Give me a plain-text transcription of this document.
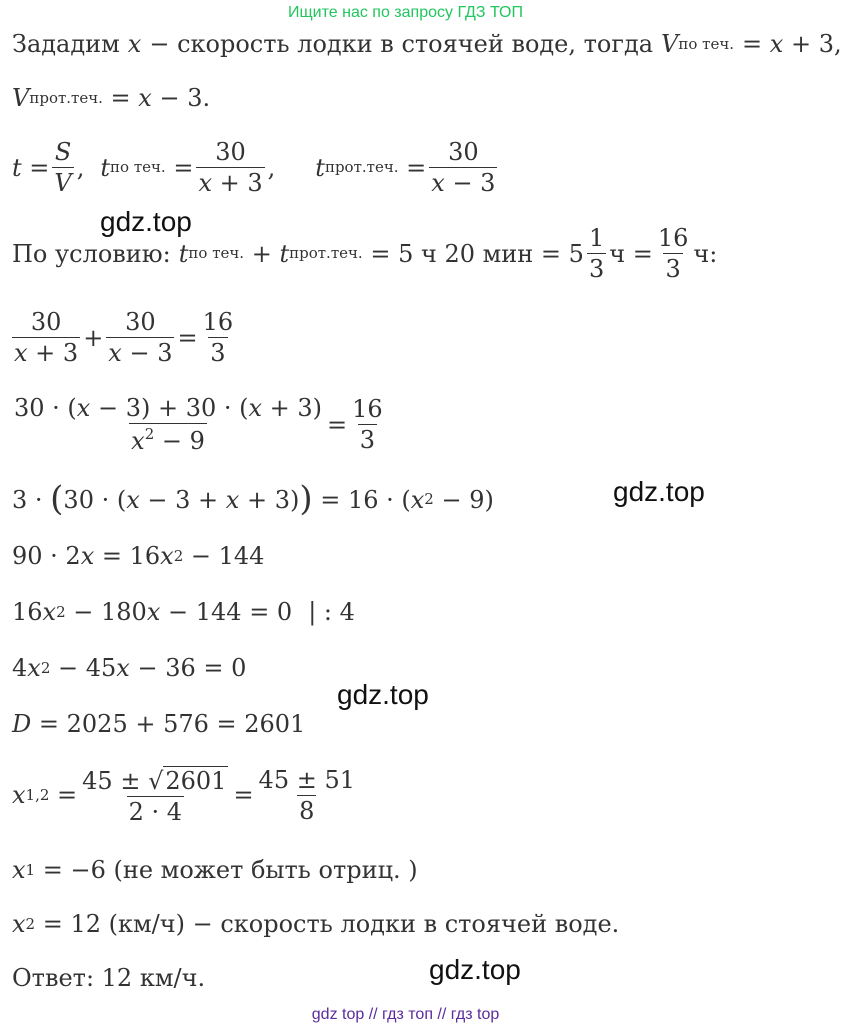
Ищите нас по запросу ГДЗ ТОП
Зададим x − скорость лодки в стоячей воде, тогда V по теч. = x + 3,
V прот.теч. = x − 3.
$t = \frac{S}{V}$ , t по теч. = $\frac{30}{x + 3}$ , t прот.теч. = $\frac{30}{x - 3}$
По условию: t по теч. + t прот.теч.
= 5 ч 20 мин = $5 \frac{1}{3}$ $ч = \frac{16}{3} ч$:
$\frac{30}{x + 3} + \frac{30}{x - 3} = \frac{16}{3}$
$\frac{30 \cdot (x - 3) + 30 \cdot (x + 3)}{x^2 - 9} = \frac{16}{3}$
3 · ( 30 · ( x − 3 + x + 3) ) = 16 · ( x 2 − 9)
90 · 2 x = 16 x 2 − 144
16 x 2 − 180 x − 144 = 0 | : 4
4 x 2 − 45 x − 36 = 0
D
= 2025 + 576 = 2601
x $1,2 = \frac{45 \pm √ 2601}{2 \cdot 4} = \frac{45 \pm 51}{8}$
x 1
= −6 (не может быть отриц. )
x 2
= 12 (км/ч) − скорость лодки в стоячей воде.
Ответ: 12 км/ч.
gdz.top
gdz.top
gdz.top
gdz.top
gdz top // гдз топ // гдз top
